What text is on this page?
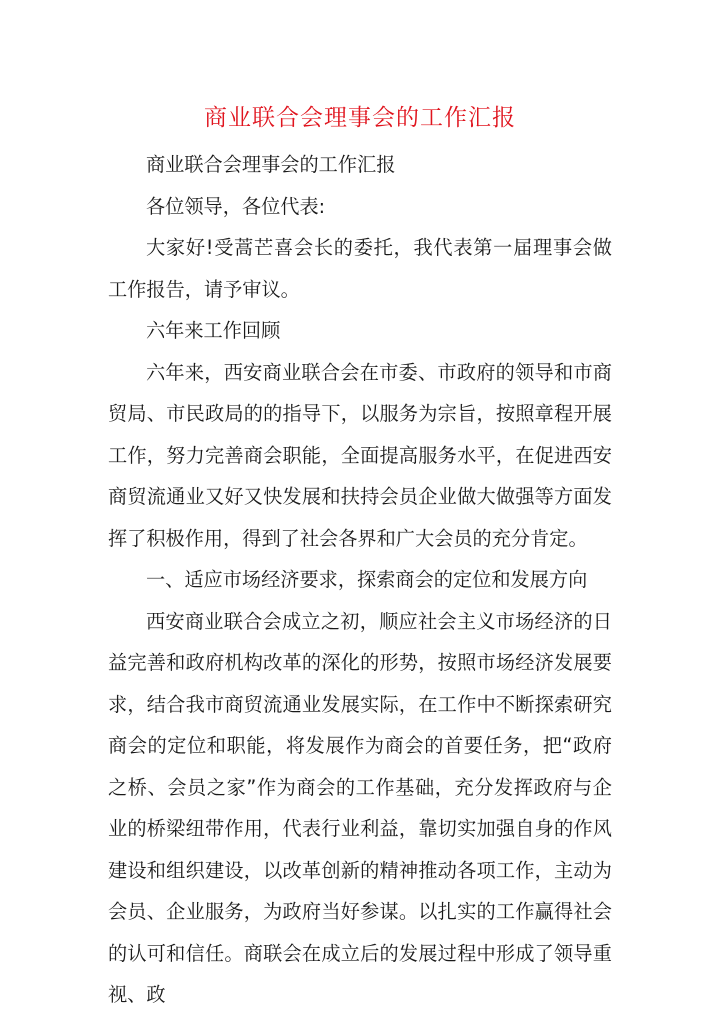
商业联合会理事会的工作汇报

商业联合会理事会的工作汇报

各位领导，各位代表:

大家好!受蒿芒喜会长的委托，我代表第一届理事会做工作报告，请予审议。

六年来工作回顾

六年来，西安商业联合会在市委、市政府的领导和市商贸局、市民政局的的指导下，以服务为宗旨，按照章程开展工作，努力完善商会职能，全面提高服务水平，在促进西安商贸流通业又好又快发展和扶持会员企业做大做强等方面发挥了积极作用，得到了社会各界和广大会员的充分肯定。

一、适应市场经济要求，探索商会的定位和发展方向

西安商业联合会成立之初，顺应社会主义市场经济的日益完善和政府机构改革的深化的形势，按照市场经济发展要求，结合我市商贸流通业发展实际，在工作中不断探索研究商会的定位和职能，将发展作为商会的首要任务，把“政府之桥、会员之家”作为商会的工作基础，充分发挥政府与企业的桥梁纽带作用，代表行业利益，靠切实加强自身的作风建设和组织建设，以改革创新的精神推动各项工作，主动为会员、企业服务，为政府当好参谋。以扎实的工作赢得社会的认可和信任。商联会在成立后的发展过程中形成了领导重视、政
